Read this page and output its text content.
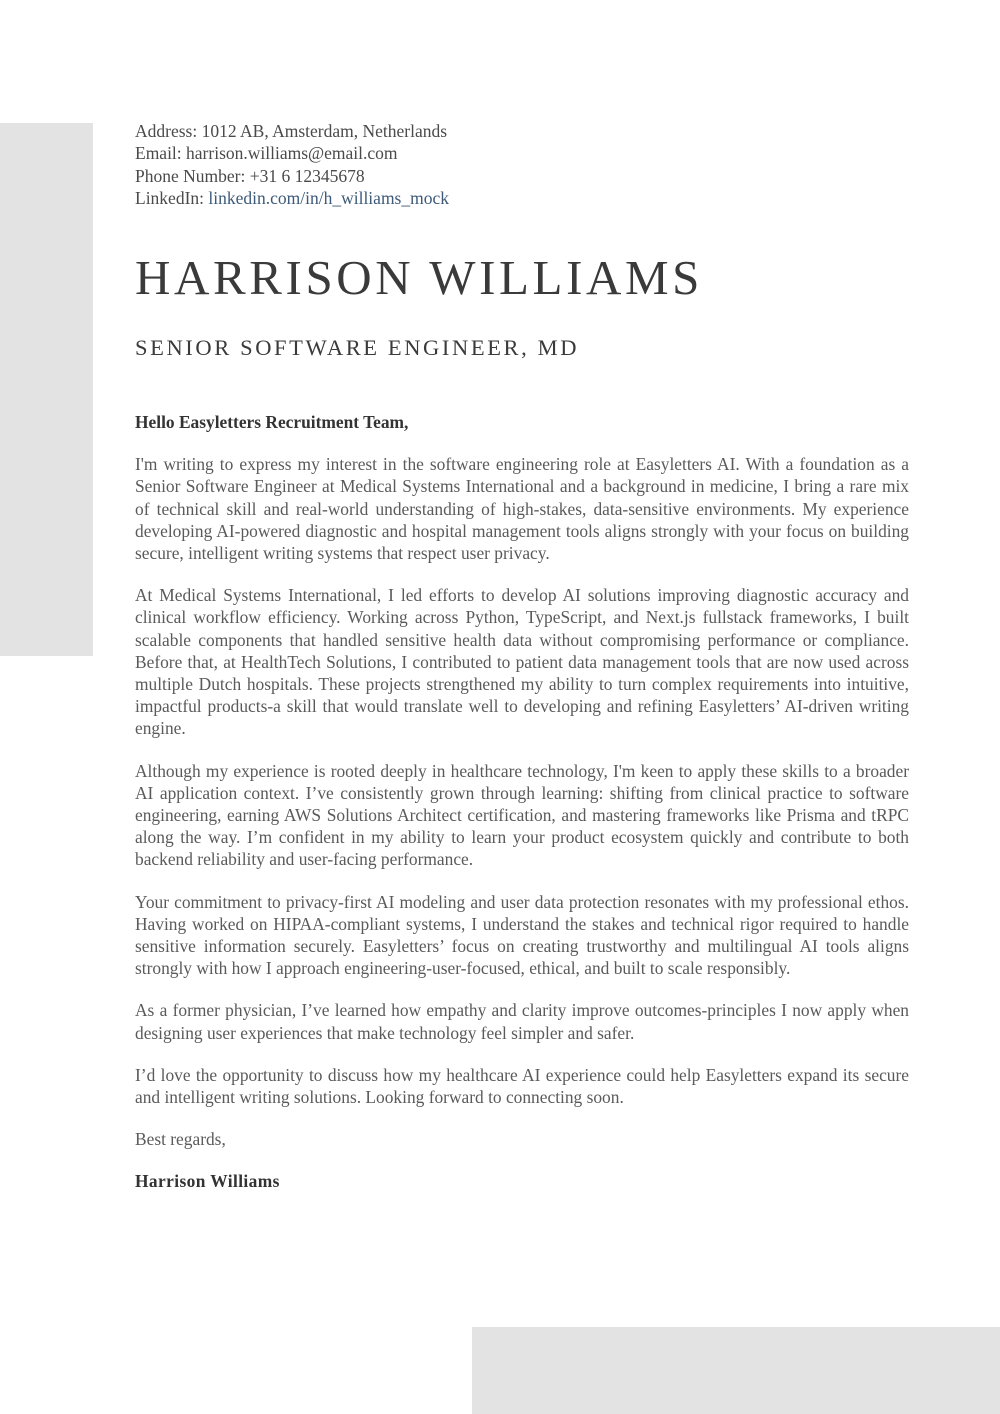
Address: 1012 AB, Amsterdam, Netherlands
Email: harrison.williams@email.com
Phone Number: +31 6 12345678
LinkedIn: linkedin.com/in/h_williams_mock
HARRISON WILLIAMS
SENIOR SOFTWARE ENGINEER, MD

Hello Easyletters Recruitment Team,

I'm writing to express my interest in the software engineering role at Easyletters AI. With a foundation as a Senior Software Engineer at Medical Systems International and a background in medicine, I bring a rare mix of technical skill and real-world understanding of high-stakes, data-sensitive environments. My experience developing AI-powered diagnostic and hospital management tools aligns strongly with your focus on building secure, intelligent writing systems that respect user privacy.

At Medical Systems International, I led efforts to develop AI solutions improving diagnostic accuracy and clinical workflow efficiency. Working across Python, TypeScript, and Next.js fullstack frameworks, I built scalable components that handled sensitive health data without compromising performance or compliance. Before that, at HealthTech Solutions, I contributed to patient data management tools that are now used across multiple Dutch hospitals. These projects strengthened my ability to turn complex requirements into intuitive, impactful products-a skill that would translate well to developing and refining Easyletters’ AI-driven writing engine.

Although my experience is rooted deeply in healthcare technology, I'm keen to apply these skills to a broader AI application context. I’ve consistently grown through learning: shifting from clinical practice to software engineering, earning AWS Solutions Architect certification, and mastering frameworks like Prisma and tRPC along the way. I’m confident in my ability to learn your product ecosystem quickly and contribute to both backend reliability and user-facing performance.

Your commitment to privacy-first AI modeling and user data protection resonates with my professional ethos. Having worked on HIPAA-compliant systems, I understand the stakes and technical rigor required to handle sensitive information securely. Easyletters’ focus on creating trustworthy and multilingual AI tools aligns strongly with how I approach engineering-user-focused, ethical, and built to scale responsibly.

As a former physician, I’ve learned how empathy and clarity improve outcomes-principles I now apply when designing user experiences that make technology feel simpler and safer.

I’d love the opportunity to discuss how my healthcare AI experience could help Easyletters expand its secure and intelligent writing solutions. Looking forward to connecting soon.

Best regards,

Harrison Williams
